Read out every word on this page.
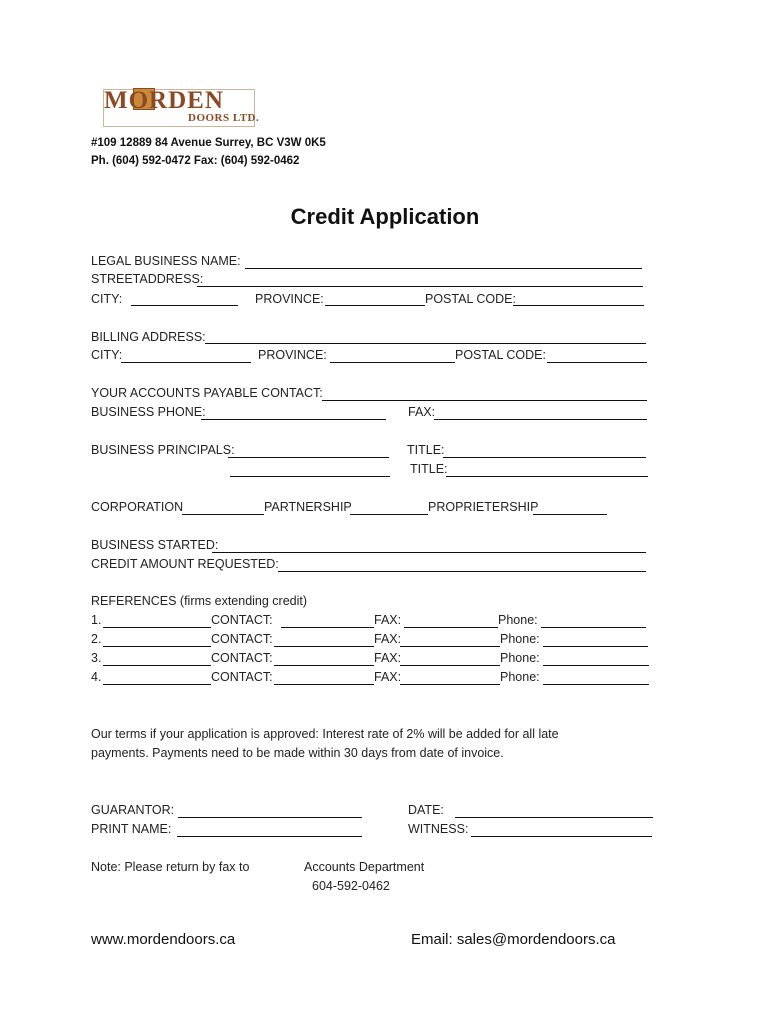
MORDEN
DOORS LTD.
#109 12889 84 Avenue Surrey, BC V3W 0K5
Ph. (604) 592-0472 Fax: (604) 592-0462
Credit Application
LEGAL BUSINESS NAME:
STREETADDRESS:
CITY:	PROVINCE:	POSTAL CODE:
BILLING ADDRESS:
CITY:	PROVINCE:	POSTAL CODE:
YOUR ACCOUNTS PAYABLE CONTACT:
BUSINESS PHONE:	FAX:
BUSINESS PRINCIPALS:	TITLE:
TITLE:
CORPORATION	PARTNERSHIP	PROPRIETERSHIP
BUSINESS STARTED:
CREDIT AMOUNT REQUESTED:
REFERENCES (firms extending credit)
1.	CONTACT:	FAX:	Phone:
2.	CONTACT:	FAX:	Phone:
3.	CONTACT:	FAX:	Phone:
4.	CONTACT:	FAX:	Phone:
Our terms if your application is approved: Interest rate of 2% will be added for all late
payments. Payments need to be made within 30 days from date of invoice.
GUARANTOR:	DATE:
PRINT NAME:	WITNESS:
Note: Please return by fax to	Accounts Department
604-592-0462
www.mordendoors.ca	Email: sales@mordendoors.ca
